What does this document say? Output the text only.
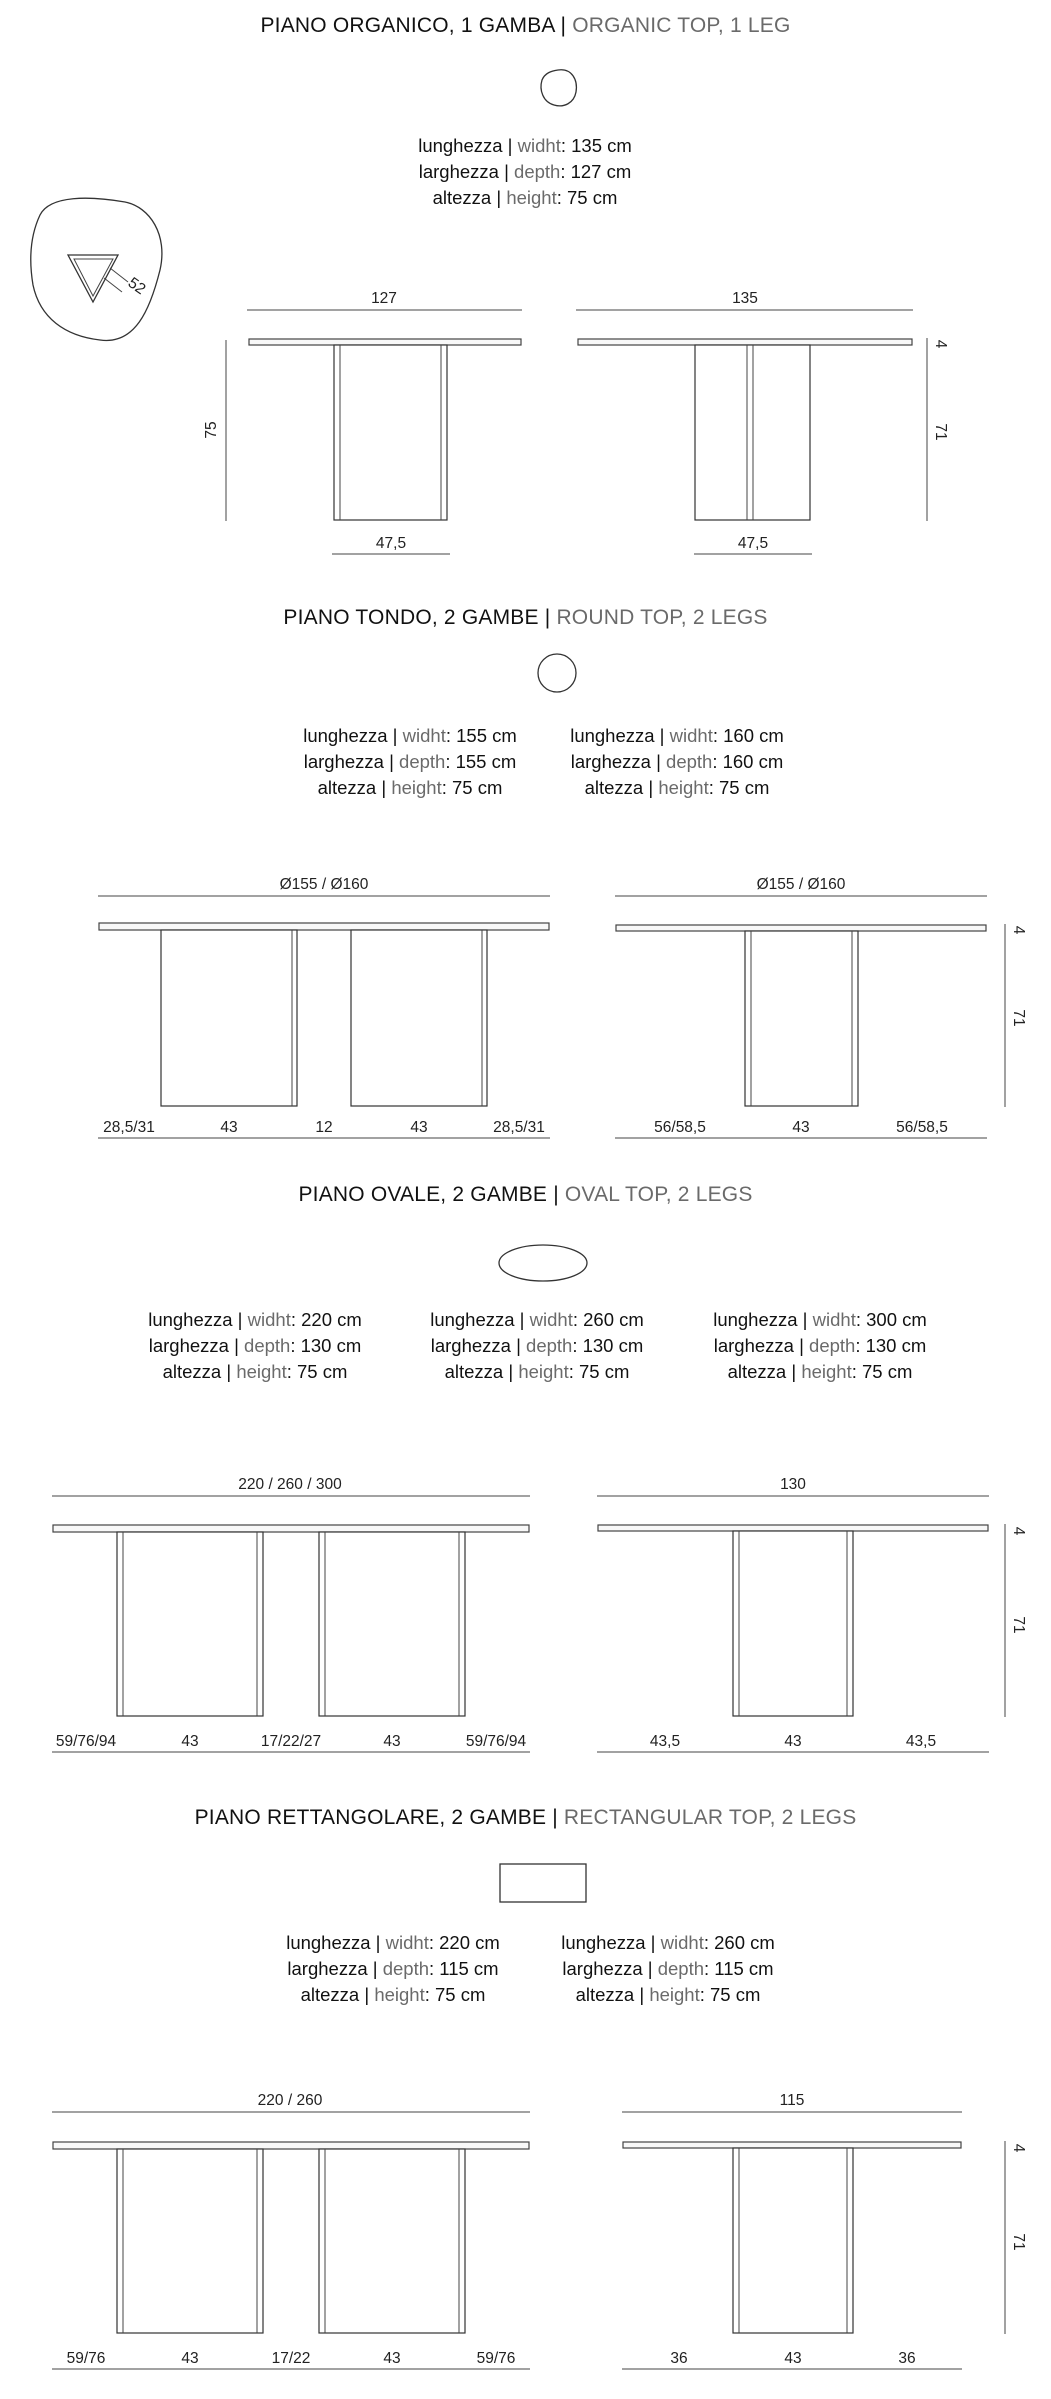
PIANO ORGANICO, 1 GAMBA | ORGANIC TOP, 1 LEG
PIANO TONDO, 2 GAMBE | ROUND TOP, 2 LEGS
PIANO OVALE, 2 GAMBE | OVAL TOP, 2 LEGS
PIANO RETTANGOLARE, 2 GAMBE | RECTANGULAR TOP, 2 LEGS
lunghezza | widht: 135 cm
larghezza | depth: 127 cm
altezza | height: 75 cm
lunghezza | widht: 155 cm
larghezza | depth: 155 cm
altezza | height: 75 cm
lunghezza | widht: 160 cm
larghezza | depth: 160 cm
altezza | height: 75 cm
lunghezza | widht: 220 cm
larghezza | depth: 130 cm
altezza | height: 75 cm
lunghezza | widht: 260 cm
larghezza | depth: 130 cm
altezza | height: 75 cm
lunghezza | widht: 300 cm
larghezza | depth: 130 cm
altezza | height: 75 cm
lunghezza | widht: 220 cm
larghezza | depth: 115 cm
altezza | height: 75 cm
lunghezza | widht: 260 cm
larghezza | depth: 115 cm
altezza | height: 75 cm
52
127
75
47,5
135
4
71
47,5
Ø155 / Ø160
28,5/31	43	12	43	28,5/31
Ø155 / Ø160
4
71
56/58,5	43	56/58,5
220 / 260 / 300
59/76/94	43	17/22/27	43	59/76/94
130
4
71
43,5	43	43,5
220 / 260
59/76	43	17/22	43	59/76
115
4
71
36	43	36
